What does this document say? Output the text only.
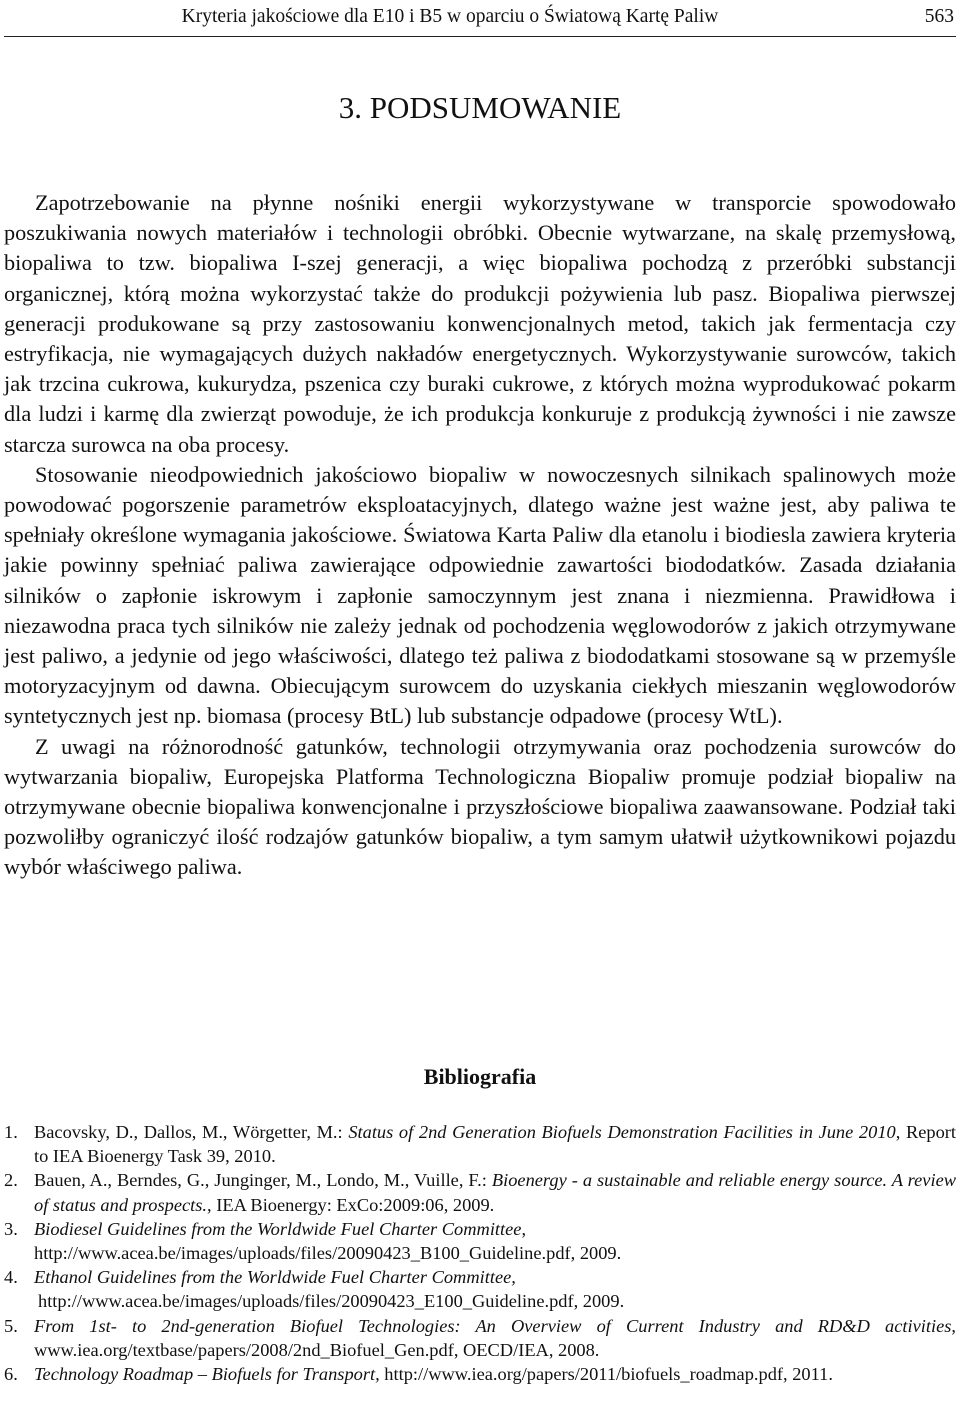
Kryteria jakościowe dla E10 i B5 w oparciu o Światową Kartę Paliw	563
3. PODSUMOWANIE

Zapotrzebowanie na płynne nośniki energii wykorzystywane w transporcie spowodowało poszukiwania nowych materiałów i technologii obróbki. Obecnie wytwarzane, na skalę przemysłową, biopaliwa to tzw. biopaliwa I-szej generacji, a więc biopaliwa pochodzą z przeróbki substancji organicznej, którą można wykorzystać także do produkcji pożywienia lub pasz. Biopaliwa pierwszej generacji produkowane są przy zastosowaniu konwencjonalnych metod, takich jak fermentacja czy estryfikacja, nie wymagających dużych nakładów energetycznych. Wykorzystywanie surowców, takich jak trzcina cukrowa, kukurydza, pszenica czy buraki cukrowe, z których można wyprodukować pokarm dla ludzi i karmę dla zwierząt powoduje, że ich produkcja konkuruje z produkcją żywności i nie zawsze starcza surowca na oba procesy.

Stosowanie nieodpowiednich jakościowo biopaliw w nowoczesnych silnikach spalinowych może powodować pogorszenie parametrów eksploatacyjnych, dlatego ważne jest ważne jest, aby paliwa te spełniały określone wymagania jakościowe. Światowa Karta Paliw dla etanolu i biodiesla zawiera kryteria jakie powinny spełniać paliwa zawierające odpowiednie zawartości biododatków. Zasada działania silników o zapłonie iskrowym i zapłonie samoczynnym jest znana i niezmienna. Prawidłowa i niezawodna praca tych silników nie zależy jednak od pochodzenia węglowodorów z jakich otrzymywane jest paliwo, a jedynie od jego właściwości, dlatego też paliwa z biododatkami stosowane są w przemyśle motoryzacyjnym od dawna. Obiecującym surowcem do uzyskania ciekłych mieszanin węglowodorów syntetycznych jest np. biomasa (procesy BtL) lub substancje odpadowe (procesy WtL).

Z uwagi na różnorodność gatunków, technologii otrzymywania oraz pochodzenia surowców do wytwarzania biopaliw, Europejska Platforma Technologiczna Biopaliw promuje podział biopaliw na otrzymywane obecnie biopaliwa konwencjonalne i przyszłościowe biopaliwa zaawansowane. Podział taki pozwoliłby ograniczyć ilość rodzajów gatunków biopaliw, a tym samym ułatwił użytkownikowi pojazdu wybór właściwego paliwa.

Bibliografia
1. Bacovsky, D., Dallos, M., Wörgetter, M.: Status of 2nd Generation Biofuels Demonstration Facilities in June 2010, Report to IEA Bioenergy Task 39, 2010.
2. Bauen, A., Berndes, G., Junginger, M., Londo, M., Vuille, F.: Bioenergy - a sustainable and reliable energy source. A review of status and prospects., IEA Bioenergy: ExCo:2009:06, 2009.
3. Biodiesel Guidelines from the Worldwide Fuel Charter Committee,
http://www.acea.be/images/uploads/files/20090423_B100_Guideline.pdf, 2009.
4. Ethanol Guidelines from the Worldwide Fuel Charter Committee,
http://www.acea.be/images/uploads/files/20090423_E100_Guideline.pdf, 2009.
5. From 1st- to 2nd-generation Biofuel Technologies: An Overview of Current Industry and RD&D activities, www.iea.org/textbase/papers/2008/2nd_Biofuel_Gen.pdf, OECD/IEA, 2008.
6. Technology Roadmap – Biofuels for Transport, http://www.iea.org/papers/2011/biofuels_roadmap.pdf, 2011.
